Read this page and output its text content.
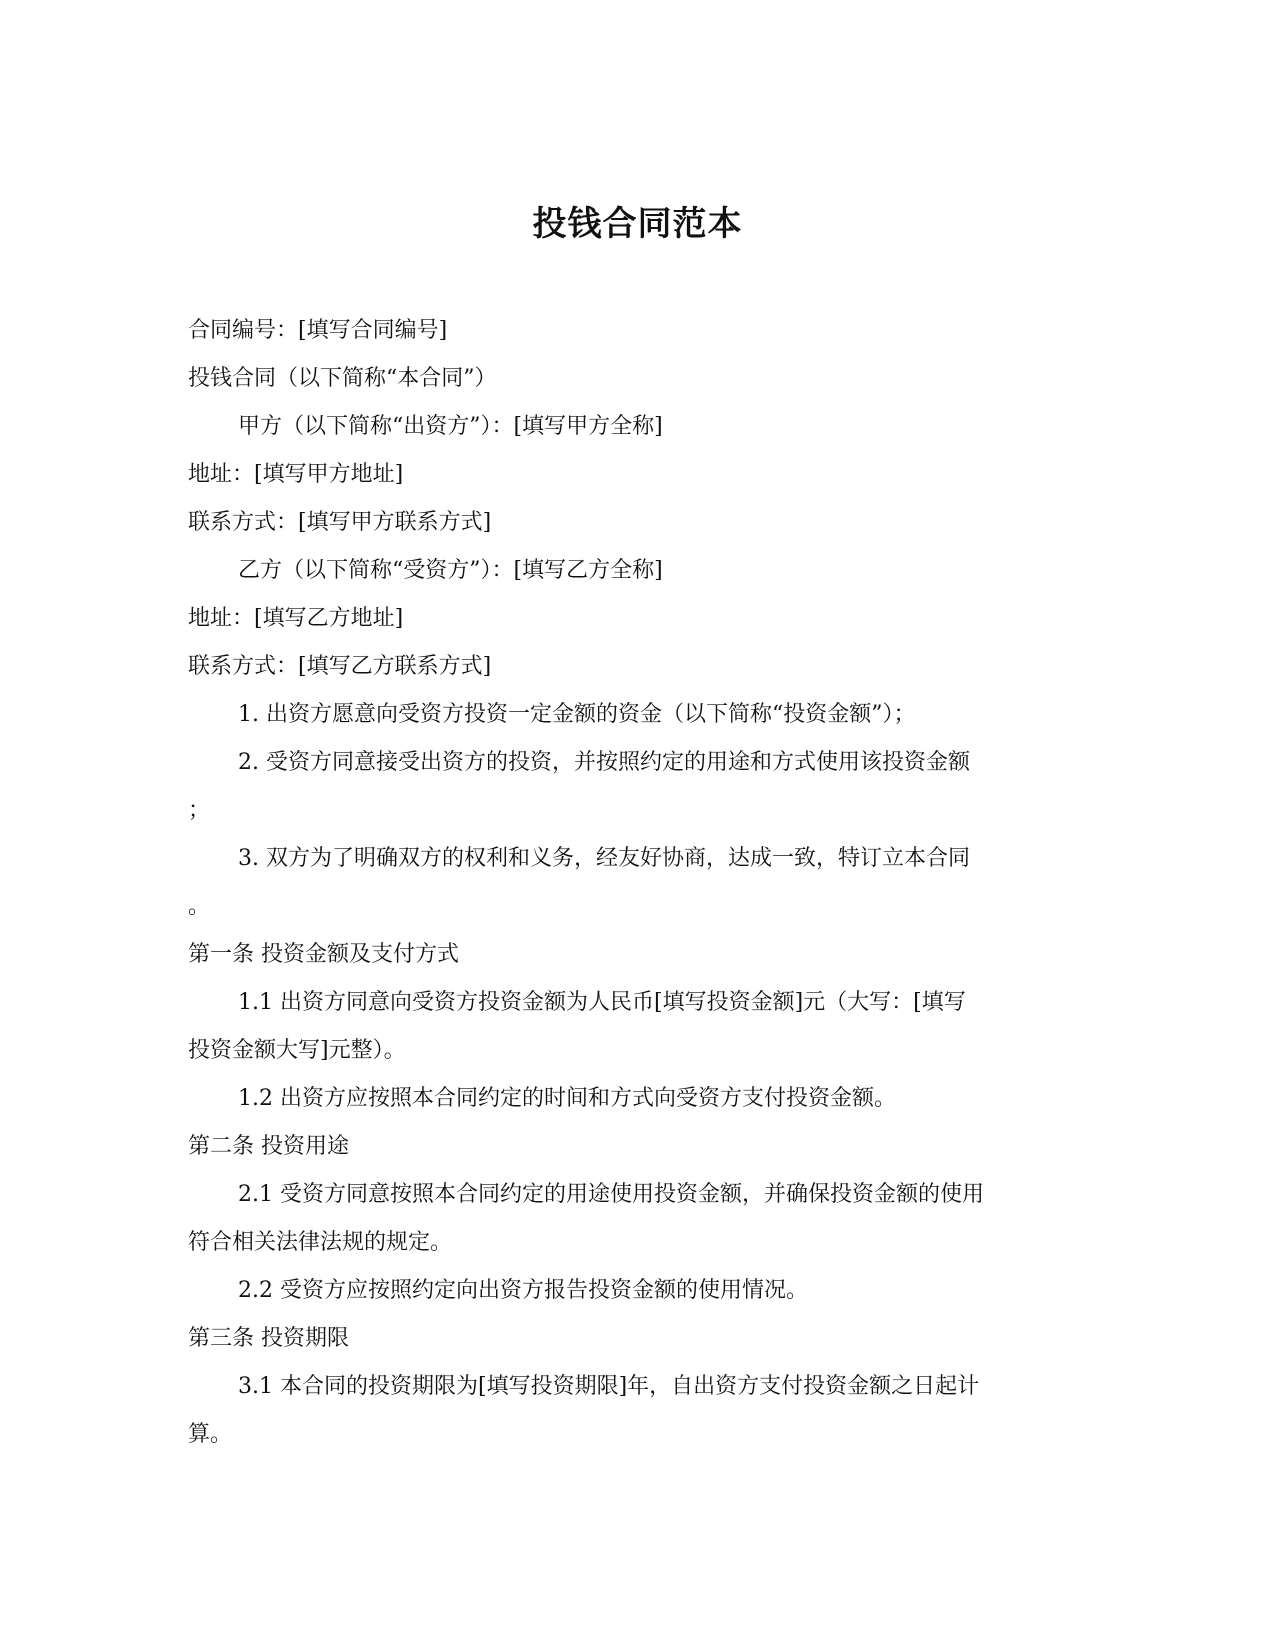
投钱合同范本
合同编号：[填写合同编号]
投钱合同（以下简称“本合同”）
甲方（以下简称“出资方”）：[填写甲方全称]
地址：[填写甲方地址]
联系方式：[填写甲方联系方式]
乙方（以下简称“受资方”）：[填写乙方全称]
地址：[填写乙方地址]
联系方式：[填写乙方联系方式]
1. 出资方愿意向受资方投资一定金额的资金（以下简称“投资金额”）；
2. 受资方同意接受出资方的投资，并按照约定的用途和方式使用该投资金额
；
3. 双方为了明确双方的权利和义务，经友好协商，达成一致，特订立本合同
。
第一条 投资金额及支付方式
1.1 出资方同意向受资方投资金额为人民币[填写投资金额]元（大写：[填写
投资金额大写]元整）。
1.2 出资方应按照本合同约定的时间和方式向受资方支付投资金额。
第二条 投资用途
2.1 受资方同意按照本合同约定的用途使用投资金额，并确保投资金额的使用
符合相关法律法规的规定。
2.2 受资方应按照约定向出资方报告投资金额的使用情况。
第三条 投资期限
3.1 本合同的投资期限为[填写投资期限]年，自出资方支付投资金额之日起计
算。
